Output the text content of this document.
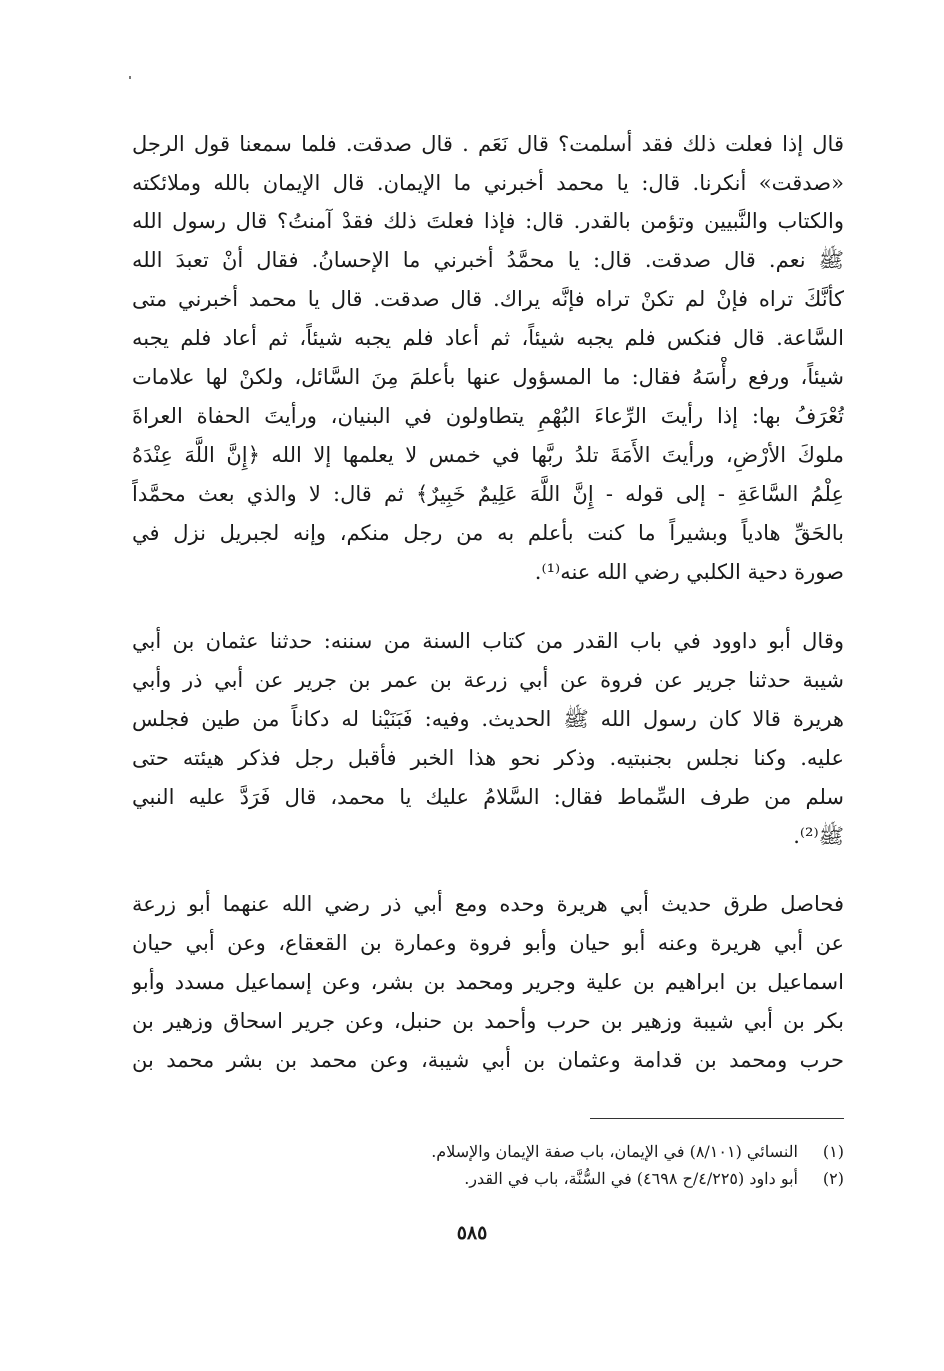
قال إذا فعلت ذلك فقد أسلمت؟ قال نَعَم . قال صدقت. فلما سمعنا قول الرجل
«صدقت» أنكرنا. قال: يا محمد أخبرني ما الإيمان. قال الإيمان بالله وملائكته
والكتاب والنَّبيين وتؤمن بالقدر. قال: فإذا فعلتَ ذلك فقدْ آمنتُ؟ قال رسول الله
ﷺ نعم. قال صدقت. قال: يا محمَّدُ أخبرني ما الإحسانُ. فقال أنْ تعبدَ الله
كأنَّكَ تراه فإنْ لم تكنْ تراه فإنَّه يراك. قال صدقت. قال يا محمد أخبرني متى
السَّاعة. قال فنكس فلم يجبه شيئاً، ثم أعاد فلم يجبه شيئاً، ثم أعاد فلم يجبه
شيئاً، ورفع رأْسَهُ فقال: ما المسؤول عنها بأعلمَ مِنَ السَّائل، ولكنْ لها علامات
تُعْرَفُ بها: إذا رأيتَ الرِّعاءَ البُهْمِ يتطاولون في البنيان، ورأيتَ الحفاة العراةَ
ملوكَ الأرْضِ، ورأيتَ الأَمَةَ تلدُ ربَّها في خمس لا يعلمها إلا الله ﴿إِنَّ اللَّهَ عِنْدَهُ
عِلْمُ السَّاعَةِ - إلى قوله - إِنَّ اللَّهَ عَلِيمٌ خَبِيرٌ﴾ ثم قال: لا والذي بعث محمَّداً
بالحَقِّ هادياً وبشيراً ما كنت بأعلم به من رجل منكم، وإنه لجبريل نزل في
صورة دحية الكلبي رضي الله عنه⁽¹⁾.
وقال أبو داوود في باب القدر من كتاب السنة من سننه: حدثنا عثمان بن أبي
شيبة حدثنا جرير عن فروة عن أبي زرعة بن عمر بن جرير عن أبي ذر وأبي
هريرة قالا كان رسول الله ﷺ الحديث. وفيه: فَبَنَيْنا له دكاناً من طين فجلس
عليه. وكنا نجلس بجنبتيه. وذكر نحو هذا الخبر فأقبل رجل فذكر هيئته حتى
سلم من طرف السِّماط فقال: السَّلامُ عليك يا محمد، قال فَرَدَّ عليه النبي
ﷺ⁽²⁾.
فحاصل طرق حديث أبي هريرة وحده ومع أبي ذر رضي الله عنهما أبو زرعة
عن أبي هريرة وعنه أبو حيان وأبو فروة وعمارة بن القعقاع، وعن أبي حيان
اسماعيل بن ابراهيم بن علية وجرير ومحمد بن بشر، وعن إسماعيل مسدد وأبو
بكر بن أبي شيبة وزهير بن حرب وأحمد بن حنبل، وعن جرير اسحاق وزهير بن
حرب ومحمد بن قدامة وعثمان بن أبي شيبة، وعن محمد بن بشر محمد بن
(١)النسائي (٨/١٠١) في الإيمان، باب صفة الإيمان والإسلام.
(٢)أبو داود (٤/٢٢٥/ح ٤٦٩٨) في السُّنَّة، باب في القدر.
٥٨٥
